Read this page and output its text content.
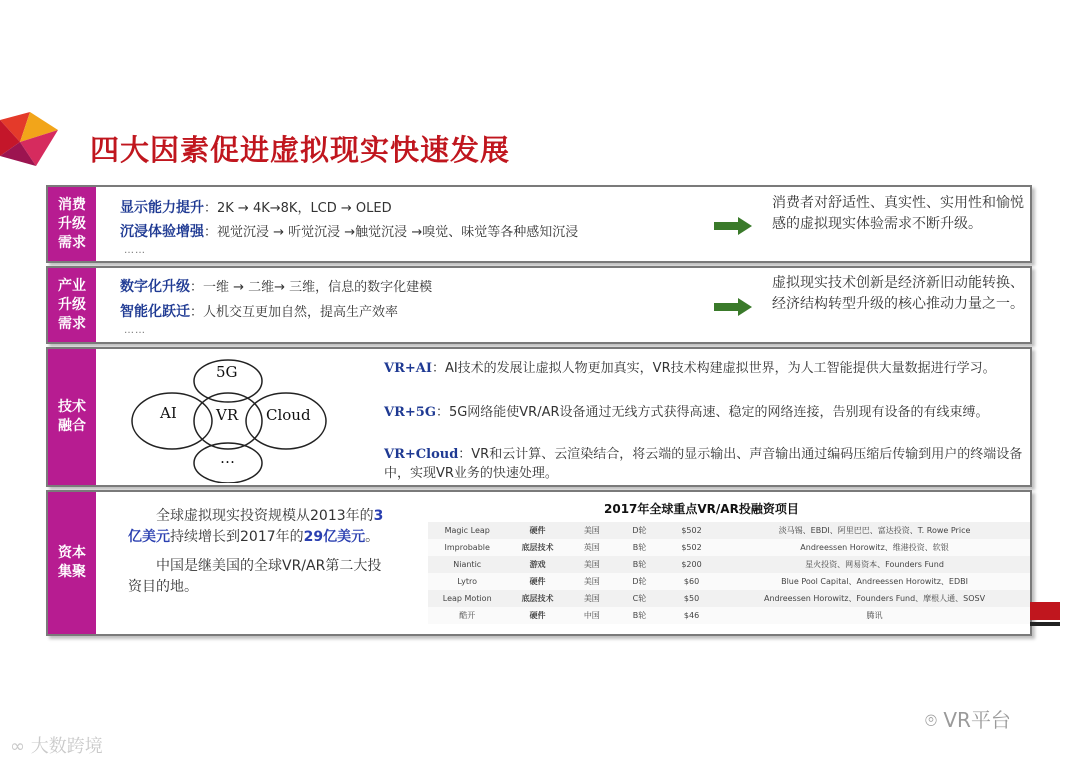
四大因素促进虚拟现实快速发展
消费升级需求
显示能力提升：2K → 4K→8K，LCD → OLED
沉浸体验增强：视觉沉浸 → 听觉沉浸 →触觉沉浸 →嗅觉、味觉等各种感知沉浸
……
消费者对舒适性、真实性、实用性和愉悦感的虚拟现实体验需求不断升级。
产业升级需求
数字化升级：一维 → 二维→ 三维，信息的数字化建模
智能化跃迁：人机交互更加自然，提高生产效率
……
虚拟现实技术创新是经济新旧动能转换、经济结构转型升级的核心推动力量之一。
技术融合
5G
AI	VR Cloud
…
VR+AI：AI技术的发展让虚拟人物更加真实，VR技术构建虚拟世界，为人工智能提供大量数据进行学习。
VR+5G：5G网络能使VR/AR设备通过无线方式获得高速、稳定的网络连接，告别现有设备的有线束缚。
VR+Cloud：VR和云计算、云渲染结合，将云端的显示输出、声音输出通过编码压缩后传输到用户的终端设备中，实现VR业务的快速处理。
资本集聚

全球虚拟现实投资规模从2013年的3亿美元持续增长到2017年的29亿美元。

中国是继美国的全球VR/AR第二大投资目的地。

2017年全球重点VR/AR投融资项目
Magic Leap	硬件	美国	D轮	$502	淡马锡、EBDI、阿里巴巴、富达投资、T. Rowe Price
Improbable	底层技术	英国	B轮	$502	Andreessen Horowitz、维港投资、软银
Niantic	游戏	美国	B轮	$200	星火投资、网易资本、Founders Fund
Lytro	硬件	美国	D轮	$60	Blue Pool Capital、Andreessen Horowitz、EDBI
Leap Motion	底层技术	美国	C轮	$50	Andreessen Horowitz、Founders Fund、摩根人通、SOSV
酷开	硬件	中国	B轮	$46	腾讯
∞ 大数跨境
⌾ VR平台
